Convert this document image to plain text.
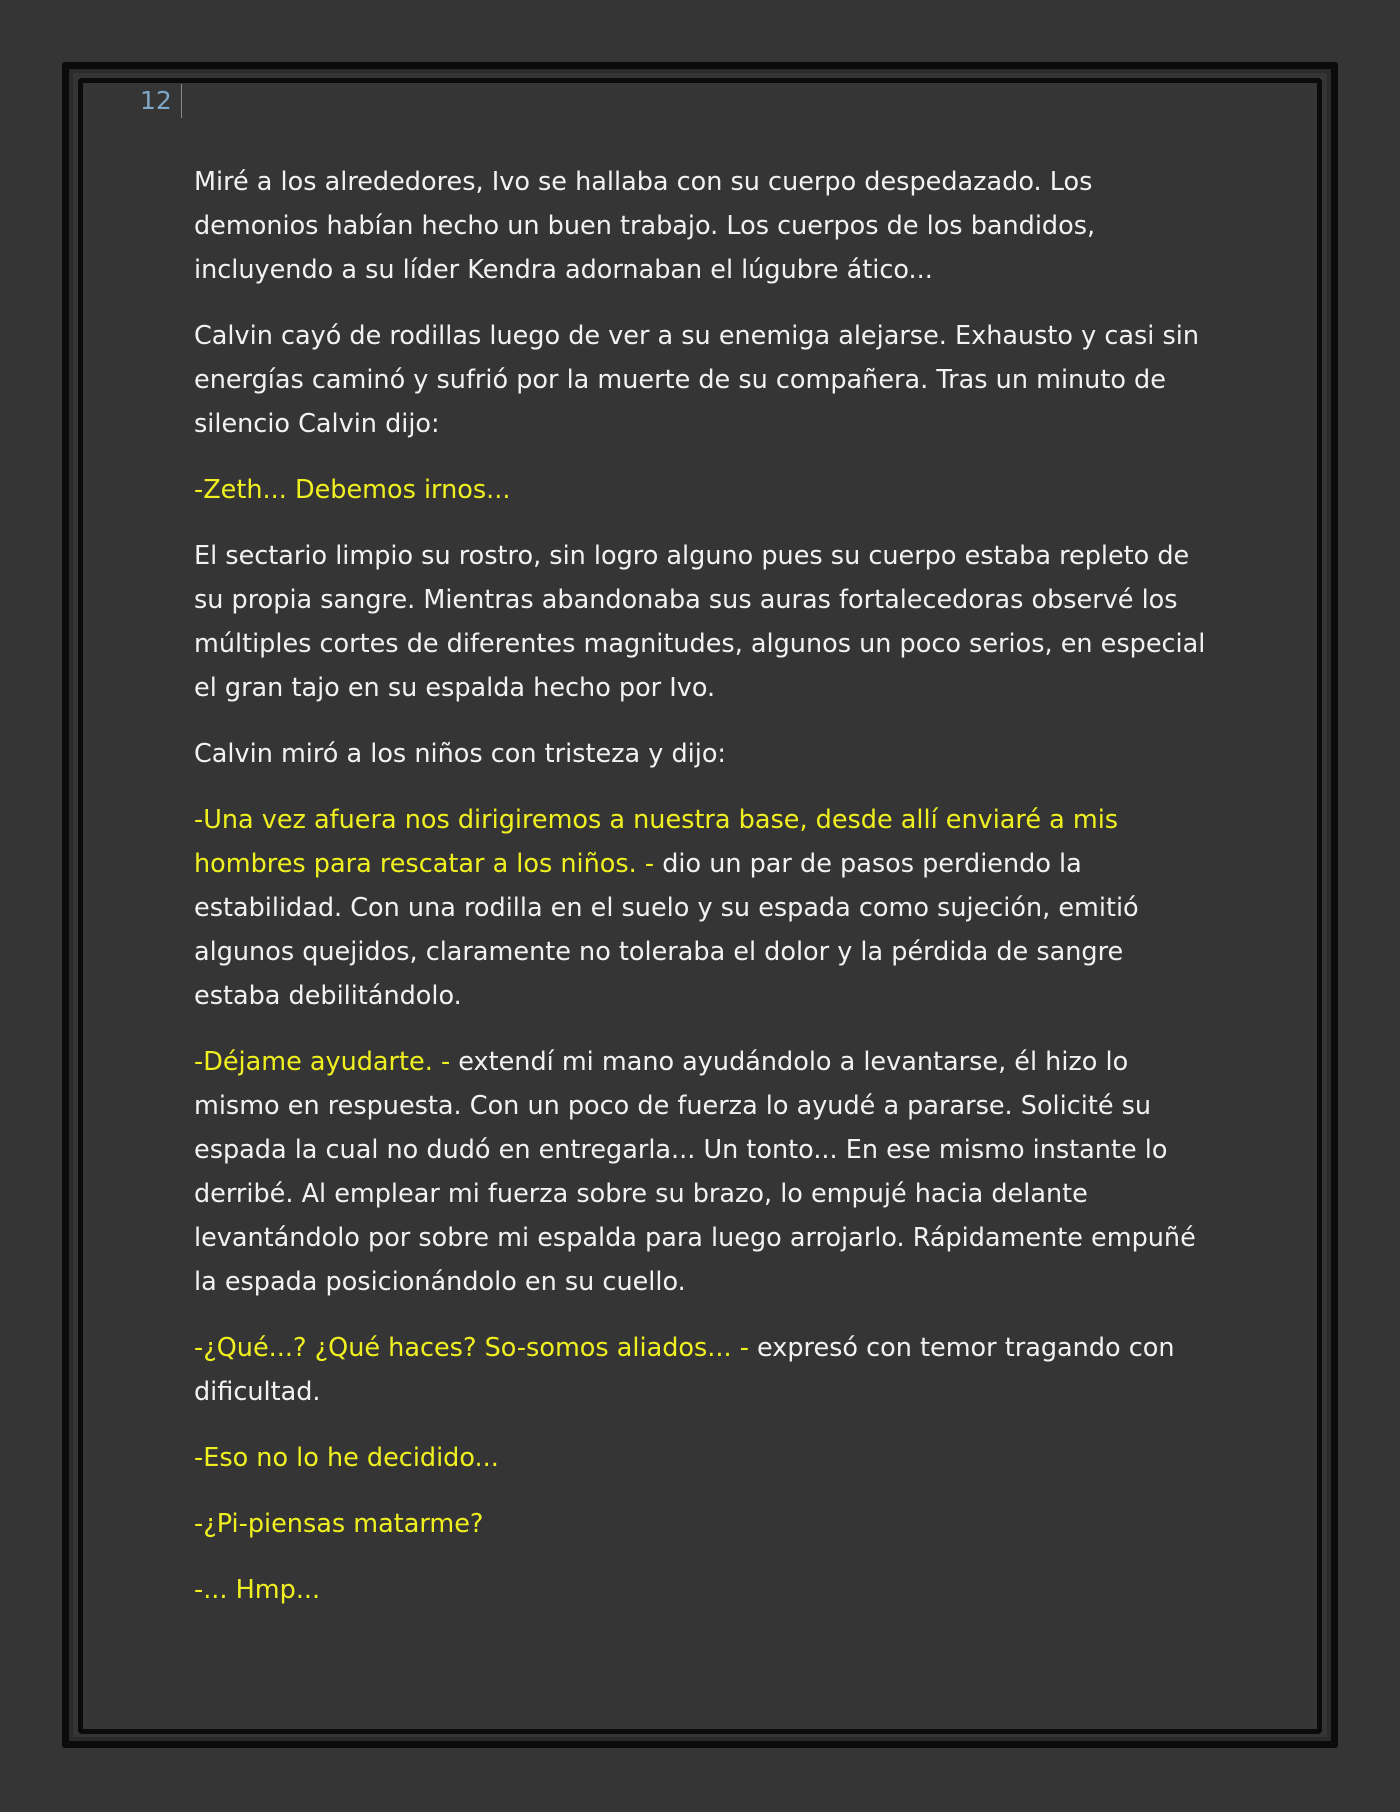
12

Miré a los alrededores, Ivo se hallaba con su cuerpo despedazado. Los demonios habían hecho un buen trabajo. Los cuerpos de los bandidos, incluyendo a su líder Kendra adornaban el lúgubre ático...

Calvin cayó de rodillas luego de ver a su enemiga alejarse. Exhausto y casi sin energías caminó y sufrió por la muerte de su compañera. Tras un minuto de silencio Calvin dijo:

-Zeth... Debemos irnos...

El sectario limpio su rostro, sin logro alguno pues su cuerpo estaba repleto de su propia sangre. Mientras abandonaba sus auras fortalecedoras observé los múltiples cortes de diferentes magnitudes, algunos un poco serios, en especial el gran tajo en su espalda hecho por Ivo.

Calvin miró a los niños con tristeza y dijo:

-Una vez afuera nos dirigiremos a nuestra base, desde allí enviaré a mis hombres para rescatar a los niños. - dio un par de pasos perdiendo la estabilidad. Con una rodilla en el suelo y su espada como sujeción, emitió algunos quejidos, claramente no toleraba el dolor y la pérdida de sangre estaba debilitándolo.

-Déjame ayudarte. - extendí mi mano ayudándolo a levantarse, él hizo lo mismo en respuesta. Con un poco de fuerza lo ayudé a pararse. Solicité su espada la cual no dudó en entregarla... Un tonto... En ese mismo instante lo derribé. Al emplear mi fuerza sobre su brazo, lo empujé hacia delante levantándolo por sobre mi espalda para luego arrojarlo. Rápidamente empuñé la espada posicionándolo en su cuello.

-¿Qué...? ¿Qué haces? So-somos aliados... - expresó con temor tragando con dificultad.

-Eso no lo he decidido...

-¿Pi-piensas matarme?

-... Hmp...
